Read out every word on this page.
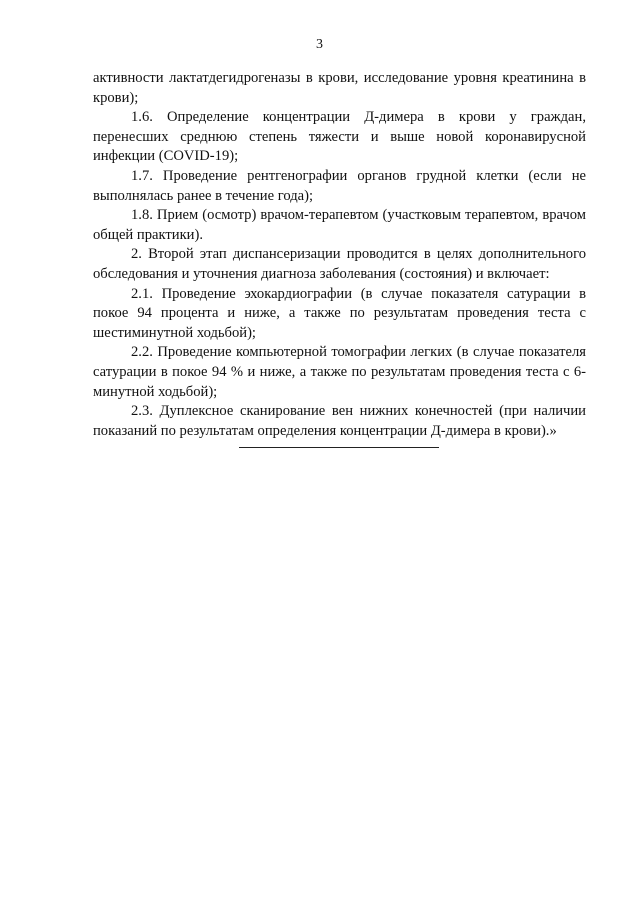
3

активности лактатдегидрогеназы в крови, исследование уровня креатинина в крови);

1.6. Определение концентрации Д-димера в крови у граждан, перенесших среднюю степень тяжести и выше новой коронавирусной инфекции (COVID-19);

1.7. Проведение рентгенографии органов грудной клетки (если не выполнялась ранее в течение года);

1.8. Прием (осмотр) врачом-терапевтом (участковым терапевтом, врачом общей практики).

2. Второй этап диспансеризации проводится в целях дополнительного обследования и уточнения диагноза заболевания (состояния) и включает:

2.1. Проведение эхокардиографии (в случае показателя сатурации в покое 94 процента и ниже, а также по результатам проведения теста с шестиминутной ходьбой);

2.2. Проведение компьютерной томографии легких (в случае показателя сатурации в покое 94 % и ниже, а также по результатам проведения теста с 6-минутной ходьбой);

2.3. Дуплексное сканирование вен нижних конечностей (при наличии показаний по результатам определения концентрации Д-димера в крови).»
